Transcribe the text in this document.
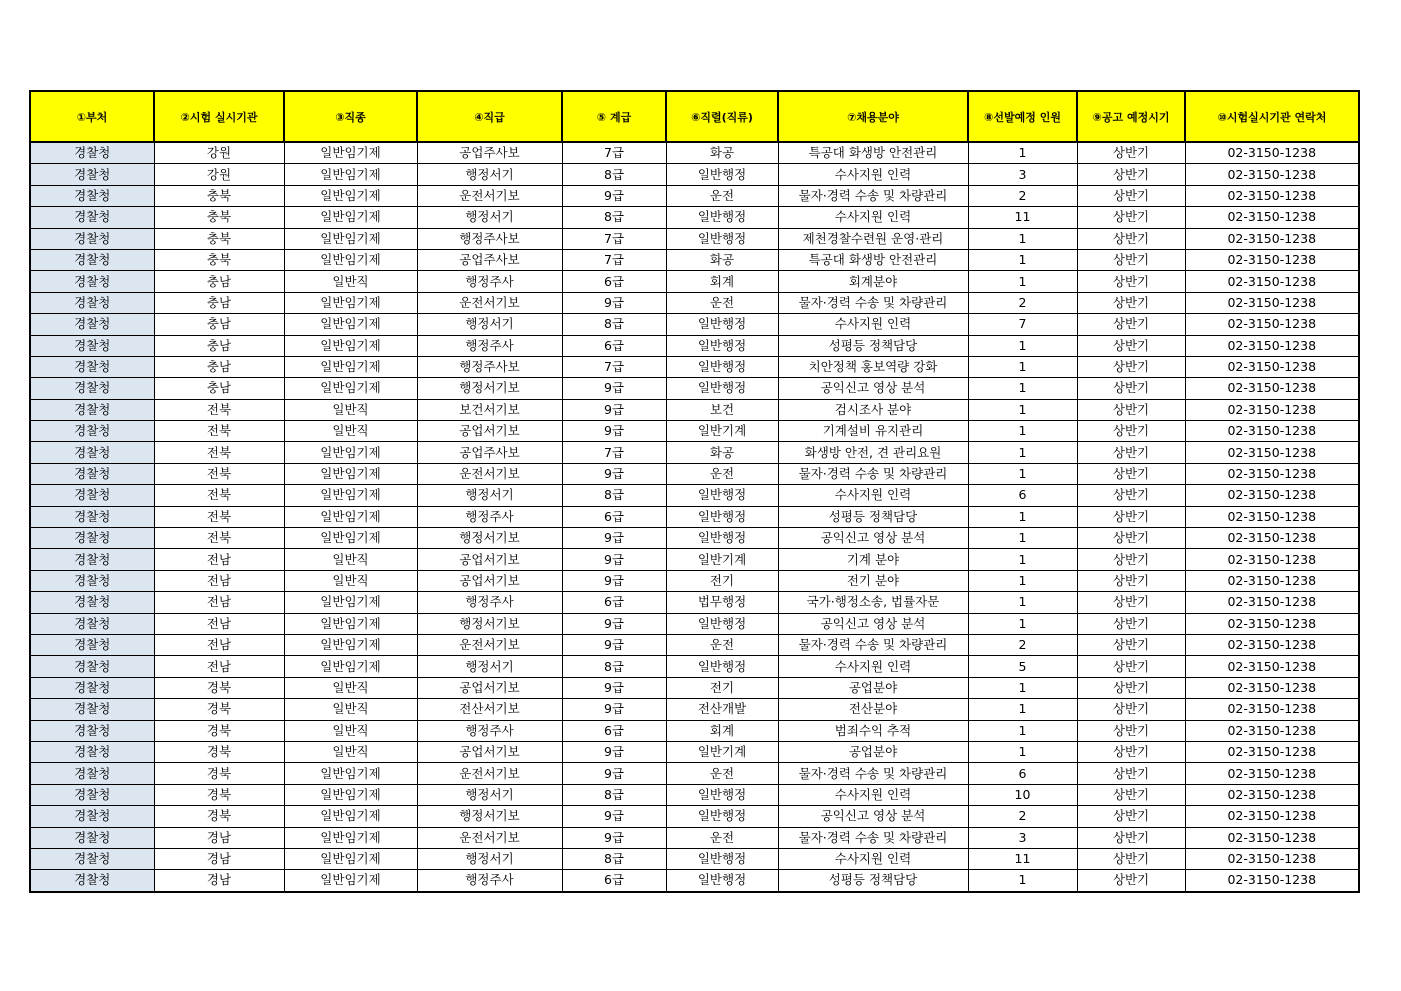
①부처	②시험 실시기관	③직종	④직급	⑤ 계급	⑥직렬(직류)	⑦채용분야	⑧선발예정 인원	⑨공고 예정시기	⑩시험실시기관 연락처
경찰청	강원	일반임기제	공업주사보	7급	화공	특공대 화생방 안전관리	1	상반기	02-3150-1238
경찰청	강원	일반임기제	행정서기	8급	일반행정	수사지원 인력	3	상반기	02-3150-1238
경찰청	충북	일반임기제	운전서기보	9급	운전	물자·경력 수송 및 차량관리	2	상반기	02-3150-1238
경찰청	충북	일반임기제	행정서기	8급	일반행정	수사지원 인력	11	상반기	02-3150-1238
경찰청	충북	일반임기제	행정주사보	7급	일반행정	제천경찰수련원 운영·관리	1	상반기	02-3150-1238
경찰청	충북	일반임기제	공업주사보	7급	화공	특공대 화생방 안전관리	1	상반기	02-3150-1238
경찰청	충남	일반직	행정주사	6급	회계	회계분야	1	상반기	02-3150-1238
경찰청	충남	일반임기제	운전서기보	9급	운전	물자·경력 수송 및 차량관리	2	상반기	02-3150-1238
경찰청	충남	일반임기제	행정서기	8급	일반행정	수사지원 인력	7	상반기	02-3150-1238
경찰청	충남	일반임기제	행정주사	6급	일반행정	성평등 정책담당	1	상반기	02-3150-1238
경찰청	충남	일반임기제	행정주사보	7급	일반행정	치안정책 홍보역량 강화	1	상반기	02-3150-1238
경찰청	충남	일반임기제	행정서기보	9급	일반행정	공익신고 영상 분석	1	상반기	02-3150-1238
경찰청	전북	일반직	보건서기보	9급	보건	검시조사 분야	1	상반기	02-3150-1238
경찰청	전북	일반직	공업서기보	9급	일반기계	기계설비 유지관리	1	상반기	02-3150-1238
경찰청	전북	일반임기제	공업주사보	7급	화공	화생방 안전, 견 관리요원	1	상반기	02-3150-1238
경찰청	전북	일반임기제	운전서기보	9급	운전	물자·경력 수송 및 차량관리	1	상반기	02-3150-1238
경찰청	전북	일반임기제	행정서기	8급	일반행정	수사지원 인력	6	상반기	02-3150-1238
경찰청	전북	일반임기제	행정주사	6급	일반행정	성평등 정책담당	1	상반기	02-3150-1238
경찰청	전북	일반임기제	행정서기보	9급	일반행정	공익신고 영상 분석	1	상반기	02-3150-1238
경찰청	전남	일반직	공업서기보	9급	일반기계	기계 분야	1	상반기	02-3150-1238
경찰청	전남	일반직	공업서기보	9급	전기	전기 분야	1	상반기	02-3150-1238
경찰청	전남	일반임기제	행정주사	6급	법무행정	국가·행정소송, 법률자문	1	상반기	02-3150-1238
경찰청	전남	일반임기제	행정서기보	9급	일반행정	공익신고 영상 분석	1	상반기	02-3150-1238
경찰청	전남	일반임기제	운전서기보	9급	운전	물자·경력 수송 및 차량관리	2	상반기	02-3150-1238
경찰청	전남	일반임기제	행정서기	8급	일반행정	수사지원 인력	5	상반기	02-3150-1238
경찰청	경북	일반직	공업서기보	9급	전기	공업분야	1	상반기	02-3150-1238
경찰청	경북	일반직	전산서기보	9급	전산개발	전산분야	1	상반기	02-3150-1238
경찰청	경북	일반직	행정주사	6급	회계	범죄수익 추적	1	상반기	02-3150-1238
경찰청	경북	일반직	공업서기보	9급	일반기계	공업분야	1	상반기	02-3150-1238
경찰청	경북	일반임기제	운전서기보	9급	운전	물자·경력 수송 및 차량관리	6	상반기	02-3150-1238
경찰청	경북	일반임기제	행정서기	8급	일반행정	수사지원 인력	10	상반기	02-3150-1238
경찰청	경북	일반임기제	행정서기보	9급	일반행정	공익신고 영상 분석	2	상반기	02-3150-1238
경찰청	경남	일반임기제	운전서기보	9급	운전	물자·경력 수송 및 차량관리	3	상반기	02-3150-1238
경찰청	경남	일반임기제	행정서기	8급	일반행정	수사지원 인력	11	상반기	02-3150-1238
경찰청	경남	일반임기제	행정주사	6급	일반행정	성평등 정책담당	1	상반기	02-3150-1238
